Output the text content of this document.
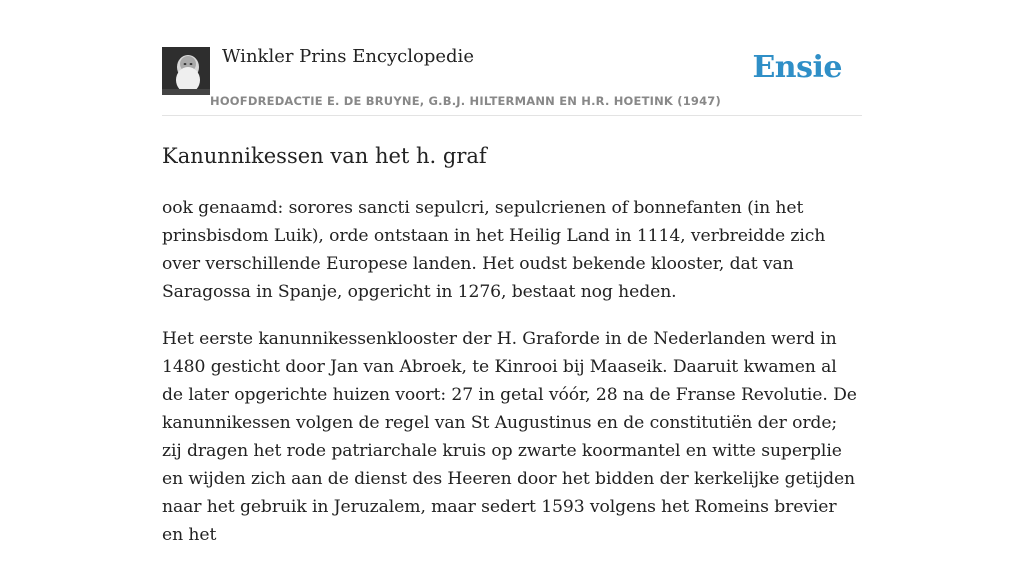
Winkler Prins Encyclopedie
HOOFDREDACTIE E. DE BRUYNE, G.B.J. HILTERMANN EN H.R. HOETINK (1947)
Ensie
Kanunnikessen van het h. graf

ook genaamd: sorores sancti sepulcri, sepulcrienen of bonnefanten (in het prinsbisdom Luik), orde ontstaan in het Heilig Land in 1114, verbreidde zich over verschillende Europese landen. Het oudst bekende klooster, dat van Saragossa in Spanje, opgericht in 1276, bestaat nog heden.

Het eerste kanunnikessenklooster der H. Graforde in de Nederlanden werd in 1480 gesticht door Jan van Abroek, te Kinrooi bij Maaseik. Daaruit kwamen al de later opgerichte huizen voort: 27 in getal vóór, 28 na de Franse Revolutie. De kanunnikessen volgen de regel van St Augustinus en de constitutiën der orde; zij dragen het rode patriarchale kruis op zwarte koormantel en witte superplie en wijden zich aan de dienst des Heeren door het bidden der kerkelijke getijden naar het gebruik in Jeruzalem, maar sedert 1593 volgens het Romeins brevier en het
